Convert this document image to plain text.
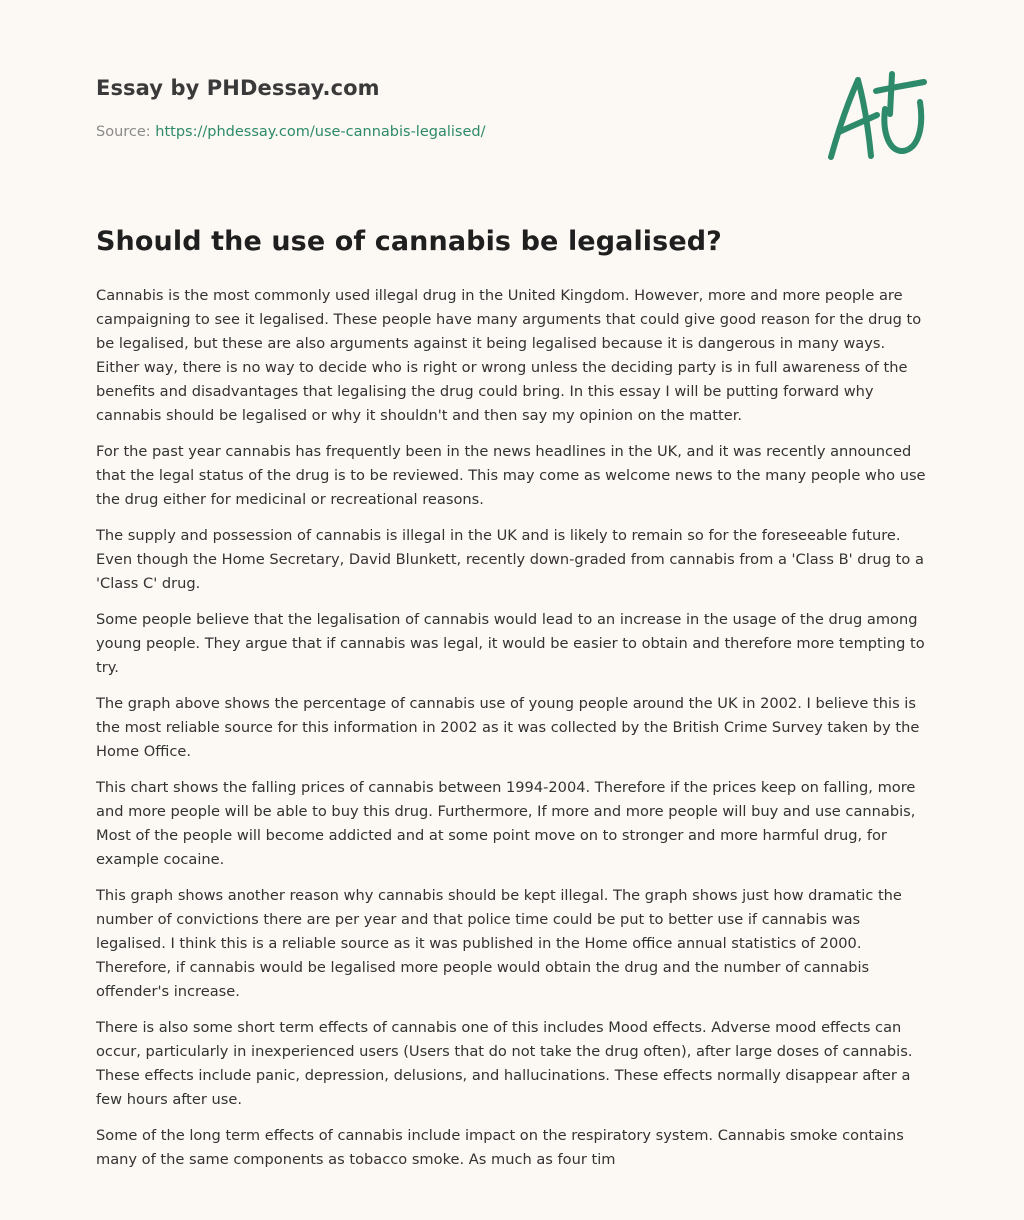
Essay by PHDessay.com
Source: https://phdessay.com/use-cannabis-legalised/
Should the use of cannabis be legalised?

Cannabis is the most commonly used illegal drug in the United Kingdom. However, more and more people are campaigning to see it legalised. These people have many arguments that could give good reason for the drug to be legalised, but these are also arguments against it being legalised because it is dangerous in many ways. Either way, there is no way to decide who is right or wrong unless the deciding party is in full awareness of the benefits and disadvantages that legalising the drug could bring. In this essay I will be putting forward why cannabis should be legalised or why it shouldn't and then say my opinion on the matter.

For the past year cannabis has frequently been in the news headlines in the UK, and it was recently announced that the legal status of the drug is to be reviewed. This may come as welcome news to the many people who use the drug either for medicinal or recreational reasons.

The supply and possession of cannabis is illegal in the UK and is likely to remain so for the foreseeable future. Even though the Home Secretary, David Blunkett, recently down-graded from cannabis from a 'Class B' drug to a 'Class C' drug.

Some people believe that the legalisation of cannabis would lead to an increase in the usage of the drug among young people. They argue that if cannabis was legal, it would be easier to obtain and therefore more tempting to try.

The graph above shows the percentage of cannabis use of young people around the UK in 2002. I believe this is the most reliable source for this information in 2002 as it was collected by the British Crime Survey taken by the Home Office.

This chart shows the falling prices of cannabis between 1994-2004. Therefore if the prices keep on falling, more and more people will be able to buy this drug. Furthermore, If more and more people will buy and use cannabis, Most of the people will become addicted and at some point move on to stronger and more harmful drug, for example cocaine.

This graph shows another reason why cannabis should be kept illegal. The graph shows just how dramatic the number of convictions there are per year and that police time could be put to better use if cannabis was legalised. I think this is a reliable source as it was published in the Home office annual statistics of 2000. Therefore, if cannabis would be legalised more people would obtain the drug and the number of cannabis offender's increase.

There is also some short term effects of cannabis one of this includes Mood effects. Adverse mood effects can occur, particularly in inexperienced users (Users that do not take the drug often), after large doses of cannabis. These effects include panic, depression, delusions, and hallucinations. These effects normally disappear after a few hours after use.

Some of the long term effects of cannabis include impact on the respiratory system. Cannabis smoke contains many of the same components as tobacco smoke. As much as four tim
